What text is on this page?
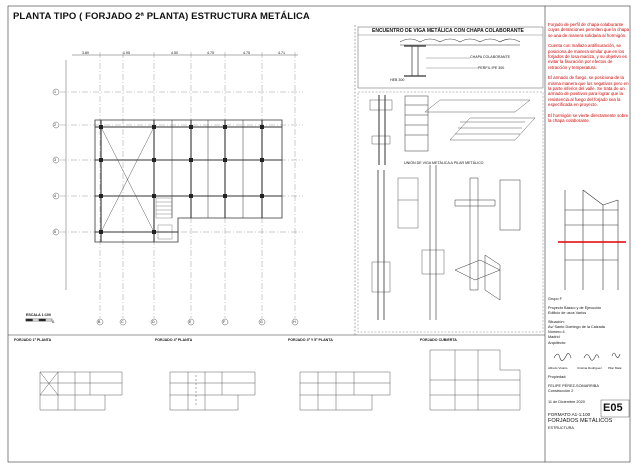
PLANTA TIPO ( FORJADO 2ª PLANTA) ESTRUCTURA METÁLICA
3.80	1.95	4.50	4.75	4.75	4.71
A	B	C	D	E	F	G	H
1
2
3
4
5
ESCALA 1:100
ENCUENTRO DE VIGA METÁLICA CON CHAPA COLABORANTE
CHAPA COLABORANTE
PERFIL IPE 300
HEB 300
UNIÓN DE VIGA METÁLICA A PILAR METÁLICO

Forjado de perfil de chapa colaborante cuyas dentaciones permiten que la chapa se una de manera solidaria al hormigón.

Cuenta con mallazo antifisuración, se posiciona de manera similar que en los forjados de losa maciza, y su objetivo es evitar la fisuración por efectos de retracción y temperatura.

El armado de fuego, se posiciona de la misma manera que los negativos pero en la parte inferior del valle. Se trata de un armado de positivos para lograr que la resistencia al fuego del forjado sea la especificada en proyecto.

El hormigón se vierte directamente sobre la chapa colaborante.

FORJADO 1ª PLANTA	FORJADO 4ª PLANTA	FORJADO 3ª Y 5ª PLANTA	FORJADO CUBIERTA
Grupo F
Proyecto Básico y de Ejecución
Edificio de usos Varios
Situación:
Av/ Santo Domingo de la Calzada
Número 4
Madrid
Arquitecto:
Alfredo Vicario	Cristina Rodríguez Pilar Maté
Propiedad:
FELIPE PÉREZ-SOMARRIBA
Construcción 2
11 de Diciembre 2020 E05
FORMATO A1-1:100
FORJADOS METÁLICOS
ESTRUCTURA
